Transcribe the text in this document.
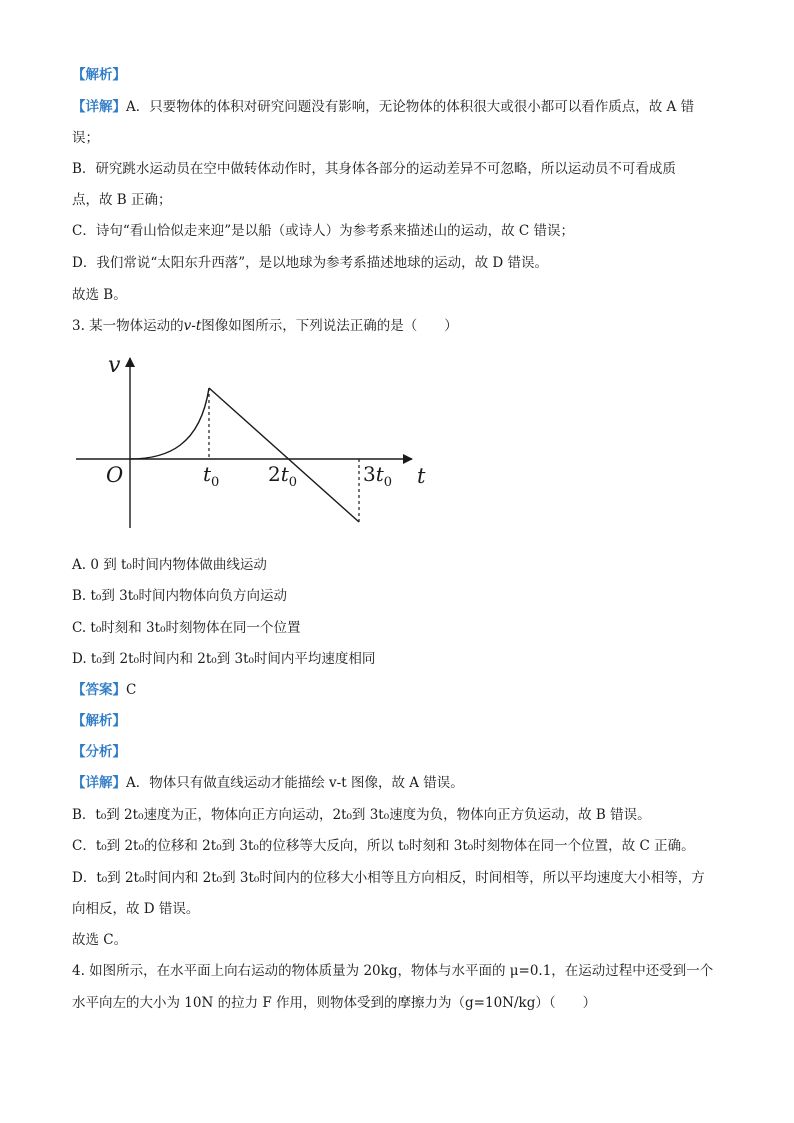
【解析】
【详解】A．只要物体的体积对研究问题没有影响，无论物体的体积很大或很小都可以看作质点，故 A 错
误；
B．研究跳水运动员在空中做转体动作时，其身体各部分的运动差异不可忽略，所以运动员不可看成质
点，故 B 正确；
C．诗句“看山恰似走来迎”是以船（或诗人）为参考系来描述山的运动，故 C 错误；
D．我们常说“太阳东升西落”，是以地球为参考系描述地球的运动，故 D 错误。
故选 B。
3. 某一物体运动的v-t图像如图所示，下列说法正确的是（　　）
v
t
O	$t_0$ $2t_0$	$3t_0$
A. 0 到 t₀时间内物体做曲线运动
B. t₀到 3t₀时间内物体向负方向运动
C. t₀时刻和 3t₀时刻物体在同一个位置
D. t₀到 2t₀时间内和 2t₀到 3t₀时间内平均速度相同
【答案】C
【解析】
【分析】
【详解】A．物体只有做直线运动才能描绘 v-t 图像，故 A 错误。
B．t₀到 2t₀速度为正，物体向正方向运动，2t₀到 3t₀速度为负，物体向正方负运动，故 B 错误。
C．t₀到 2t₀的位移和 2t₀到 3t₀的位移等大反向，所以 t₀时刻和 3t₀时刻物体在同一个位置，故 C 正确。
D．t₀到 2t₀时间内和 2t₀到 3t₀时间内的位移大小相等且方向相反，时间相等，所以平均速度大小相等，方
向相反，故 D 错误。
故选 C。
4. 如图所示，在水平面上向右运动的物体质量为 20kg，物体与水平面的 μ=0.1，在运动过程中还受到一个
水平向左的大小为 10N 的拉力 F 作用，则物体受到的摩擦力为（g=10N/kg）（　　）
